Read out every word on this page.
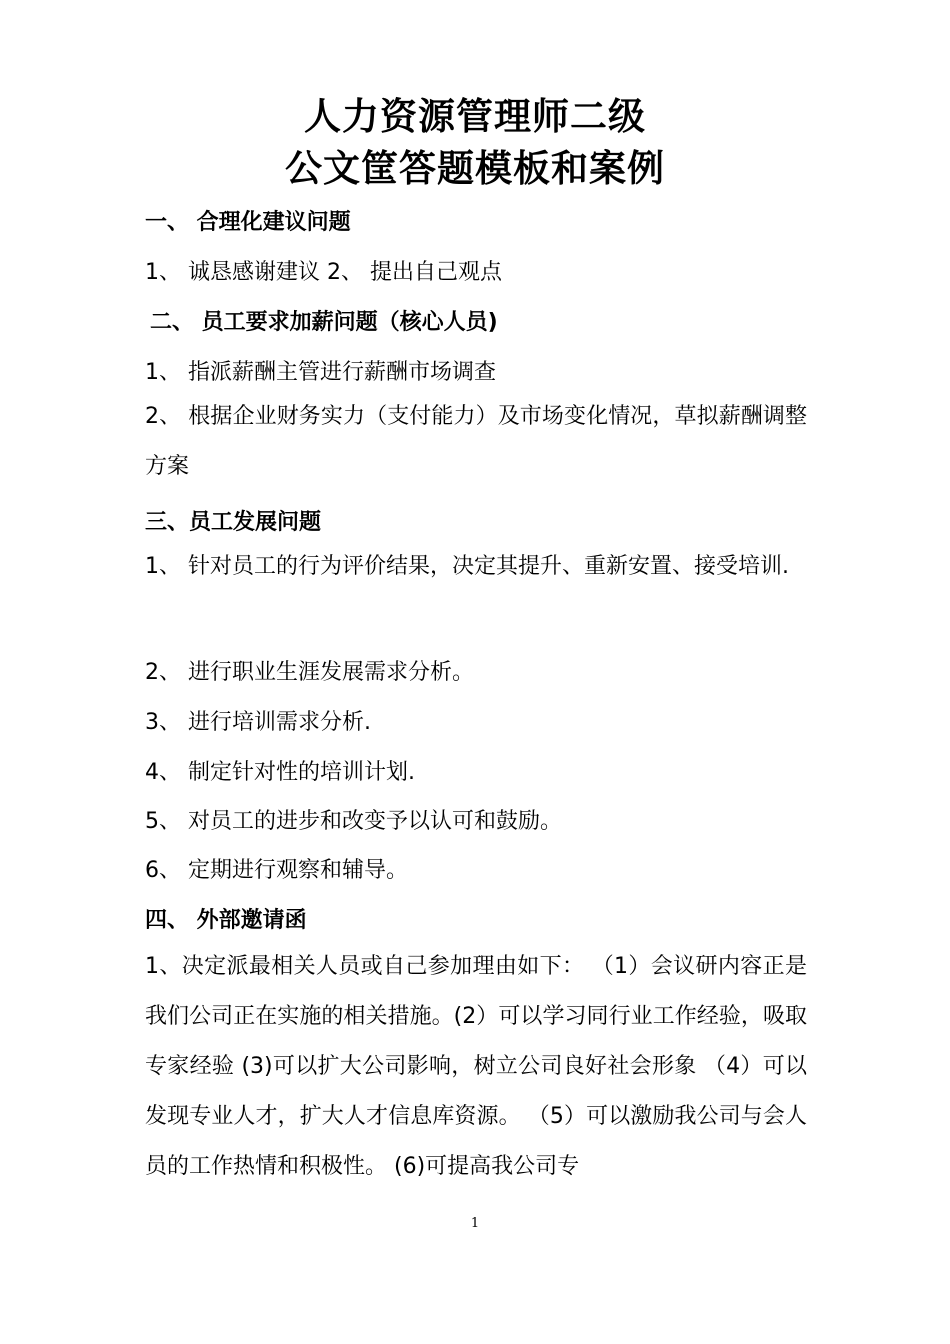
人力资源管理师二级
公文筐答题模板和案例
一、 合理化建议问题
1、 诚恳感谢建议 2、 提出自己观点
二、 员工要求加薪问题（核心人员)
1、 指派薪酬主管进行薪酬市场调查
2、 根据企业财务实力（支付能力）及市场变化情况，草拟薪酬调整方案
三、员工发展问题
1、 针对员工的行为评价结果，决定其提升、重新安置、接受培训.
2、 进行职业生涯发展需求分析。
3、 进行培训需求分析.
4、 制定针对性的培训计划.
5、 对员工的进步和改变予以认可和鼓励。
6、 定期进行观察和辅导。
四、 外部邀请函
1、决定派最相关人员或自己参加理由如下： （1）会议研内容正是我们公司正在实施的相关措施。(2）可以学习同行业工作经验，吸取专家经验 (3)可以扩大公司影响，树立公司良好社会形象 （4）可以发现专业人才，扩大人才信息库资源。 （5）可以激励我公司与会人员的工作热情和积极性。 (6)可提高我公司专
1
